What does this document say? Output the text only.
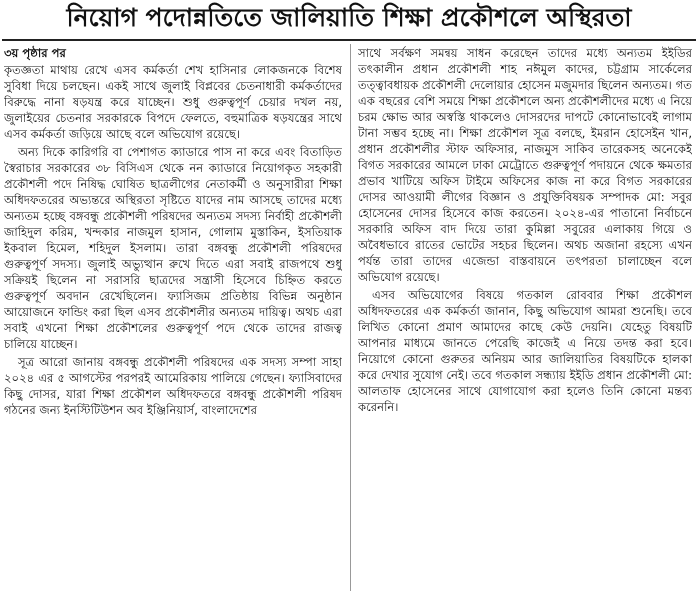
নিয়োগ পদোন্নতিতে জালিয়াতি শিক্ষা প্রকৌশলে অস্থিরতা
৩য় পৃষ্ঠার পর

কৃতজ্ঞতা মাথায় রেখে এসব কর্মকর্তা শেখ হাসিনার লোকজনকে বিশেষ সুবিধা দিয়ে চলছেন। একই সাথে জুলাই বিপ্লবের চেতনাধারী কর্মকর্তাদের বিরুদ্ধে নানা ষড়যন্ত্র করে যাচ্ছেন। শুধু গুরুত্বপূর্ণ চেয়ার দখল নয়, জুলাইয়ের চেতনার সরকারকে বিপদে ফেলতে, বহুমাত্রিক ষড়যন্ত্রের সাথে এসব কর্মকর্তা জড়িয়ে আছে বলে অভিযোগ রয়েছে।

অন্য দিকে কারিগরি বা পেশাগত ক্যাডারে পাস না করে এবং বিতাড়িত স্বৈরাচার সরকারের ৩৮ বিসিএস থেকে নন ক্যাডারে নিয়োগকৃত সহকারী প্রকৌশলী পদে নিষিদ্ধ ঘোষিত ছাত্রলীগের নেতাকর্মী ও অনুসারীরা শিক্ষা অধিদফতরের অভ্যন্তরে অস্থিরতা সৃষ্টিতে যাদের নাম আসছে তাদের মধ্যে অন্যতম হচ্ছে বঙ্গবন্ধু প্রকৌশলী পরিষদের অন্যতম সদস্য নির্বাহী প্রকৌশলী জাহিদুল করিম, খন্দকার নাজমুল হাসান, গোলাম মুস্তাকিন, ইসতিয়াক ইকবাল হিমেল, শহিদুল ইসলাম। তারা বঙ্গবন্ধু প্রকৌশলী পরিষদের গুরুত্বপূর্ণ সদস্য। জুলাই অভ্যুত্থান রুখে দিতে এরা সবাই রাজপথে শুধু সক্রিয়ই ছিলেন না সরাসরি ছাত্রদের সন্ত্রাসী হিসেবে চিহ্নিত করতে গুরুত্বপূর্ণ অবদান রেখেছিলেন। ফ্যাসিজম প্রতিষ্ঠায় বিভিন্ন অনুষ্ঠান আয়োজনে ফান্ডিং করা ছিল এসব প্রকৌশলীর অন্যতম দায়িত্ব। অথচ এরা সবাই এখনো শিক্ষা প্রকৌশলের গুরুত্বপূর্ণ পদে থেকে তাদের রাজত্ব চালিয়ে যাচ্ছেন।

সূত্র আরো জানায় বঙ্গবন্ধু প্রকৌশলী পরিষদের এক সদস্য সম্পা সাহা ২০২৪ এর ৫ আগস্টের পরপরই আমেরিকায় পালিয়ে গেছেন। ফ্যাসিবাদের কিছু দোসর, যারা শিক্ষা প্রকৌশল অধিদফতরে বঙ্গবন্ধু প্রকৌশলী পরিষদ গঠনের জন্য ইনস্টিটিউশন অব ইঞ্জিনিয়ার্স, বাংলাদেশের

সাথে সর্বক্ষণ সমন্বয় সাধন করেছেন তাদের মধ্যে অন্যতম ইইডির তৎকালীন প্রধান প্রকৌশলী শাহ নঈমুল কাদের, চট্টগ্রাম সার্কেলের তত্ত্বাবধায়ক প্রকৌশলী দেলোয়ার হোসেন মজুমদার ছিলেন অন্যতম। গত এক বছরের বেশি সময়ে শিক্ষা প্রকৌশলে অন্য প্রকৌশলীদের মধ্যে এ নিয়ে চরম ক্ষোভ আর অস্বস্তি থাকলেও দোসরদের দাপটে কোনোভাবেই লাগাম টানা সম্ভব হচ্ছে না। শিক্ষা প্রকৌশল সূত্র বলছে, ইমরান হোসেইন খান, প্রধান প্রকৌশলীর স্টাফ অফিসার, নাজমুস সাকিব তারেকসহ অনেকেই বিগত সরকারের আমলে ঢাকা মেট্রোতে গুরুত্বপূর্ণ পদায়নে থেকে ক্ষমতার প্রভাব খাটিয়ে অফিস টাইমে অফিসের কাজ না করে বিগত সরকারের দোসর আওয়ামী লীগের বিজ্ঞান ও প্রযুক্তিবিষয়ক সম্পাদক মো: সবুর হোসেনের দোসর হিসেবে কাজ করতেন। ২০২৪-এর পাতানো নির্বাচনে সরকারি অফিস বাদ দিয়ে তারা কুমিল্লা সবুরের এলাকায় গিয়ে ও অবৈধভাবে রাতের ভোটের সহচর ছিলেন। অথচ অজানা রহস্যে এখন পর্যন্ত তারা তাদের এজেন্ডা বাস্তবায়নে তৎপরতা চালাচ্ছেন বলে অভিযোগ রয়েছে।

এসব অভিযোগের বিষয়ে গতকাল রোববার শিক্ষা প্রকৌশল অধিদফতরের এক কর্মকর্তা জানান, কিছু অভিযোগ আমরা শুনেছি। তবে লিখিত কোনো প্রমাণ আমাদের কাছে কেউ দেয়নি। যেহেতু বিষয়টি আপনার মাধ্যমে জানতে পেরেছি কাজেই এ নিয়ে তদন্ত করা হবে। নিয়োগে কোনো গুরুতর অনিয়ম আর জালিয়াতির বিষয়টিকে হালকা করে দেখার সুযোগ নেই। তবে গতকাল সন্ধ্যায় ইইডি প্রধান প্রকৌশলী মো: আলতাফ হোসেনের সাথে যোগাযোগ করা হলেও তিনি কোনো মন্তব্য করেননি।
